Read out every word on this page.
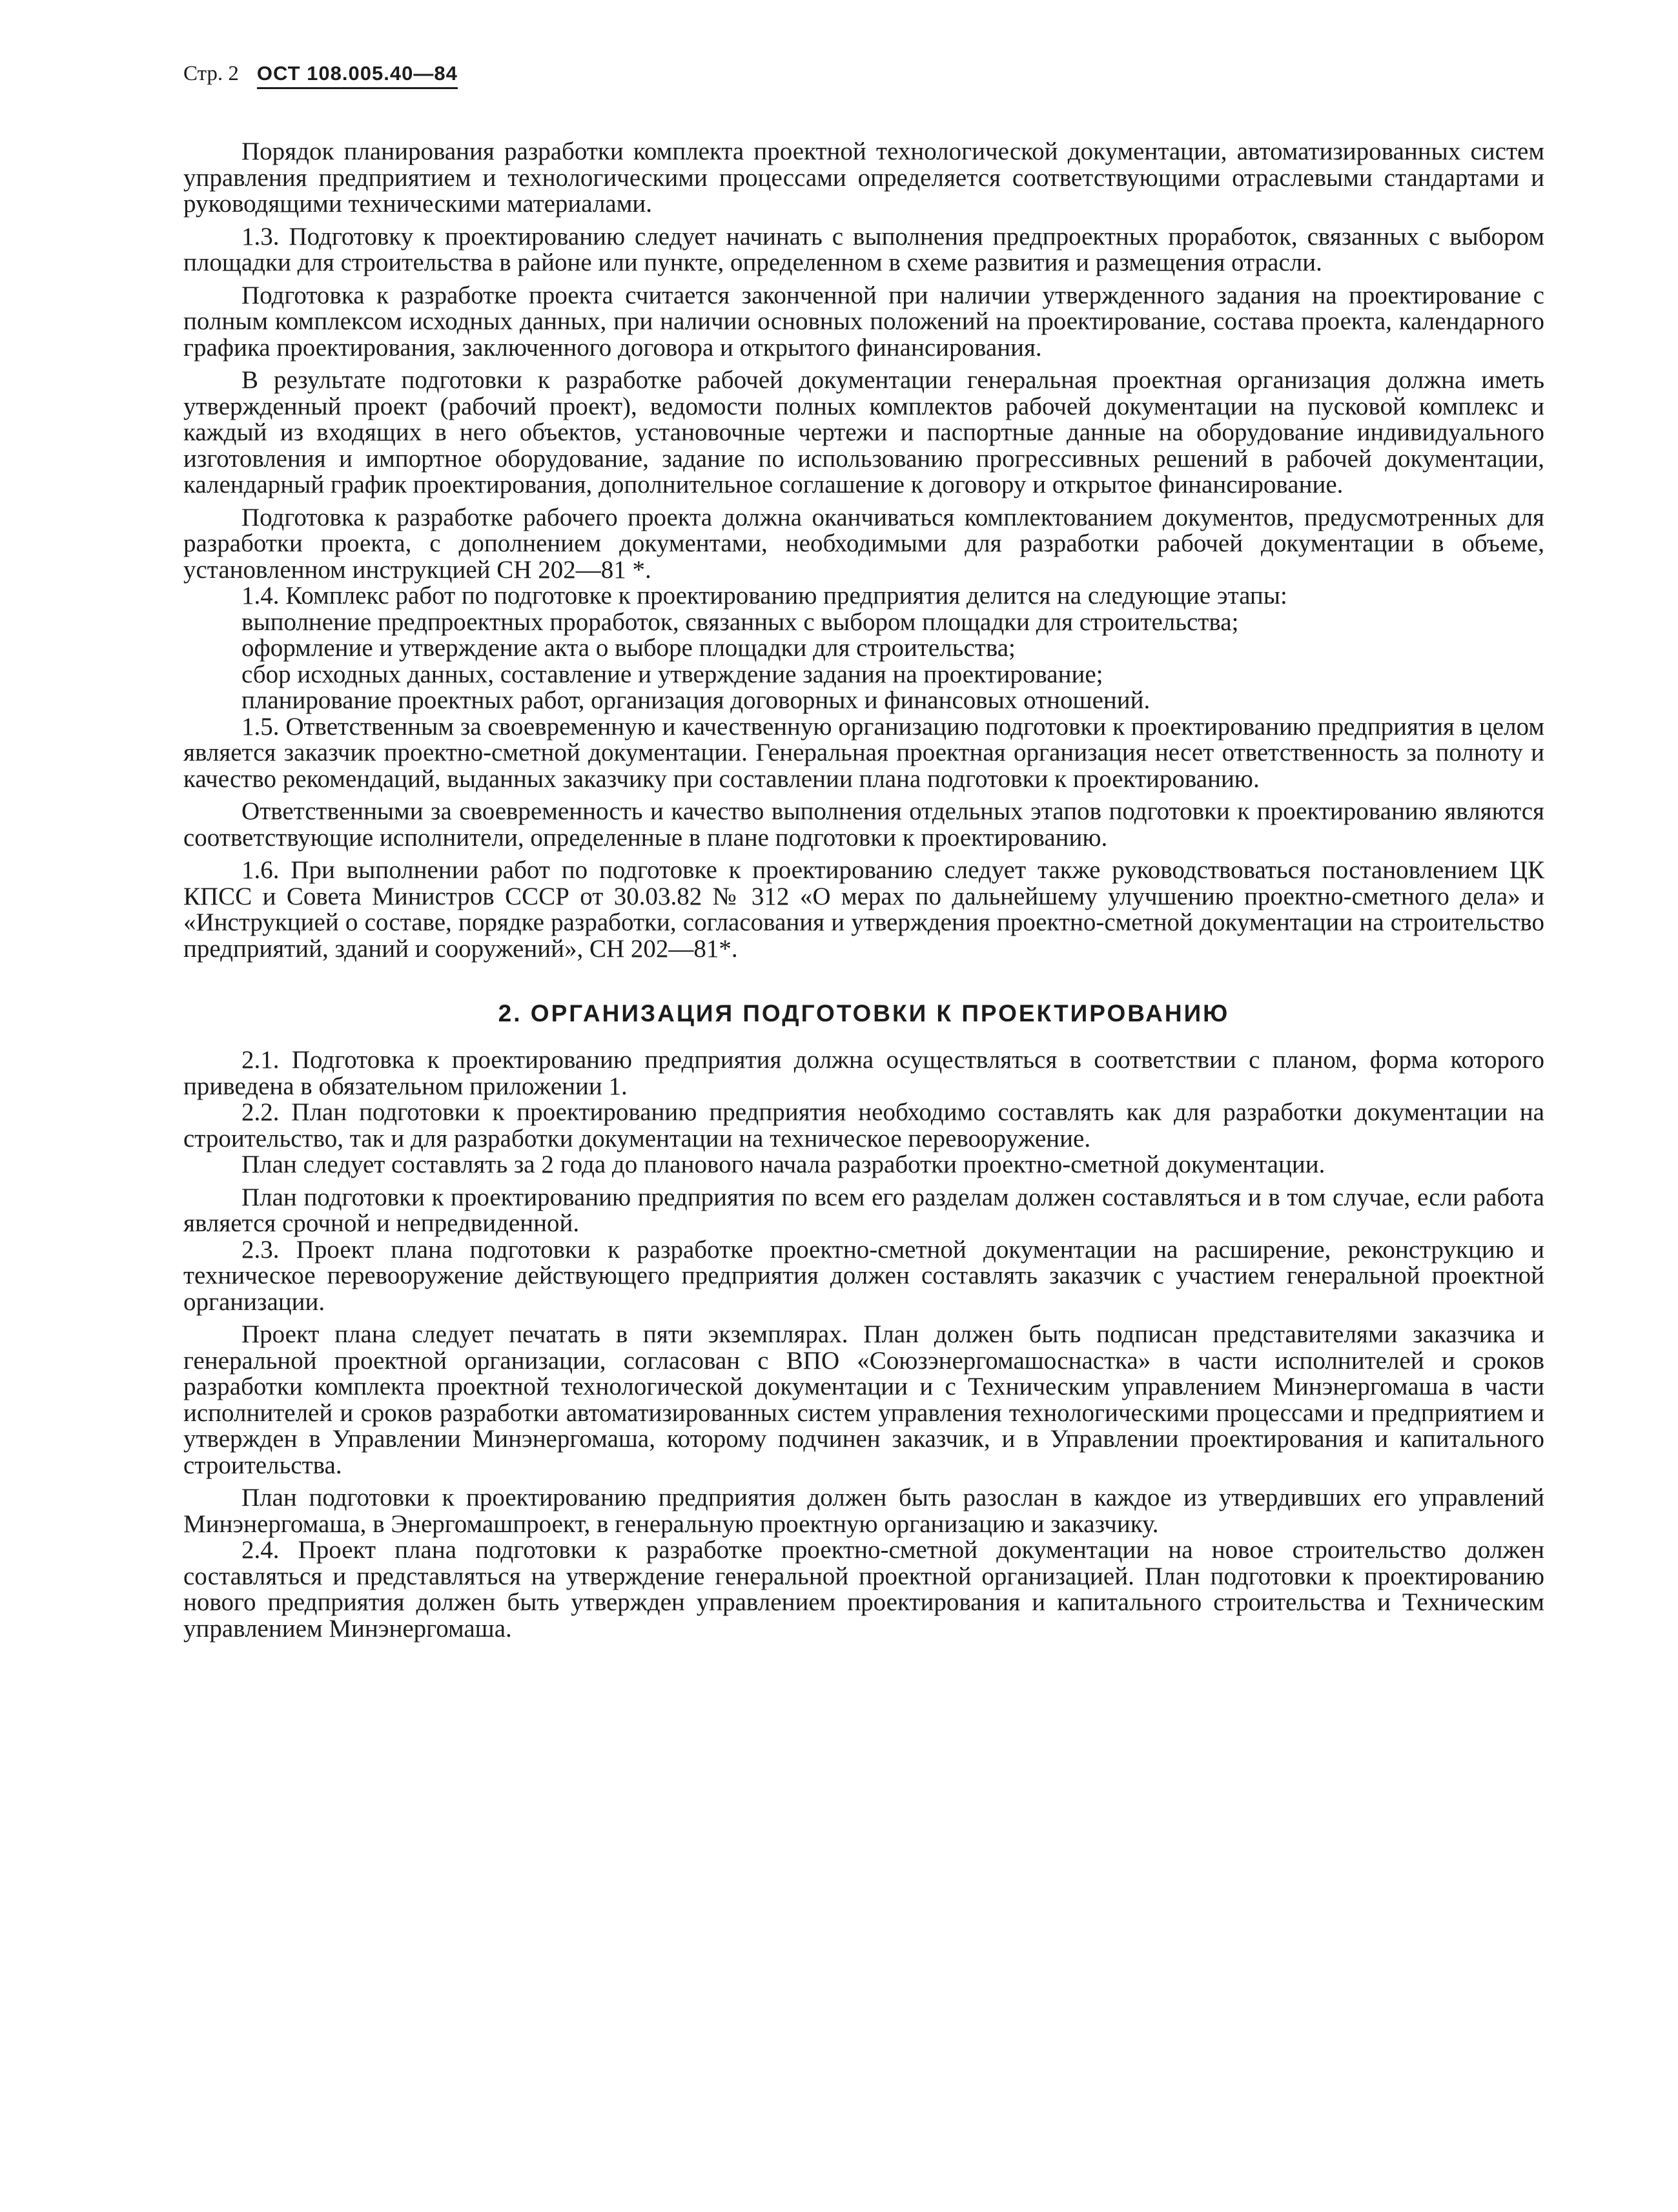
Стр. 2 ОСТ 108.005.40—84

Порядок планирования разработки комплекта проектной технологической документации, автоматизированных систем управления предприятием и технологическими процессами определяется соответствующими отраслевыми стандартами и руководящими техническими материалами.

1.3. Подготовку к проектированию следует начинать с выполнения предпроектных проработок, связанных с выбором площадки для строительства в районе или пункте, определенном в схеме развития и размещения отрасли.

Подготовка к разработке проекта считается законченной при наличии утвержденного задания на проектирование с полным комплексом исходных данных, при наличии основных положений на проектирование, состава проекта, календарного графика проектирования, заключенного договора и открытого финансирования.

В результате подготовки к разработке рабочей документации генеральная проектная организация должна иметь утвержденный проект (рабочий проект), ведомости полных комплектов рабочей документации на пусковой комплекс и каждый из входящих в него объектов, установочные чертежи и паспортные данные на оборудование индивидуального изготовления и импортное оборудование, задание по использованию прогрессивных решений в рабочей документации, календарный график проектирования, дополнительное соглашение к договору и открытое финансирование.

Подготовка к разработке рабочего проекта должна оканчиваться комплектованием документов, предусмотренных для разработки проекта, с дополнением документами, необходимыми для разработки рабочей документации в объеме, установленном инструкцией СН 202—81 *.

1.4. Комплекс работ по подготовке к проектированию предприятия делится на следующие этапы:

выполнение предпроектных проработок, связанных с выбором площадки для строительства;

оформление и утверждение акта о выборе площадки для строительства;

сбор исходных данных, составление и утверждение задания на проектирование;

планирование проектных работ, организация договорных и финансовых отношений.

1.5. Ответственным за своевременную и качественную организацию подготовки к проектированию предприятия в целом является заказчик проектно-сметной документации. Генеральная проектная организация несет ответственность за полноту и качество рекомендаций, выданных заказчику при составлении плана подготовки к проектированию.

Ответственными за своевременность и качество выполнения отдельных этапов подготовки к проектированию являются соответствующие исполнители, определенные в плане подготовки к проектированию.

1.6. При выполнении работ по подготовке к проектированию следует также руководствоваться постановлением ЦК КПСС и Совета Министров СССР от 30.03.82 № 312 «О мерах по дальнейшему улучшению проектно-сметного дела» и «Инструкцией о составе, порядке разработки, согласования и утверждения проектно-сметной документации на строительство предприятий, зданий и сооружений», СН 202—81*.

2. ОРГАНИЗАЦИЯ ПОДГОТОВКИ К ПРОЕКТИРОВАНИЮ

2.1. Подготовка к проектированию предприятия должна осуществляться в соответствии с планом, форма которого приведена в обязательном приложении 1.

2.2. План подготовки к проектированию предприятия необходимо составлять как для разработки документации на строительство, так и для разработки документации на техническое перевооружение.

План следует составлять за 2 года до планового начала разработки проектно-сметной документации.

План подготовки к проектированию предприятия по всем его разделам должен составляться и в том случае, если работа является срочной и непредвиденной.

2.3. Проект плана подготовки к разработке проектно-сметной документации на расширение, реконструкцию и техническое перевооружение действующего предприятия должен составлять заказчик с участием генеральной проектной организации.

Проект плана следует печатать в пяти экземплярах. План должен быть подписан представителями заказчика и генеральной проектной организации, согласован с ВПО «Союзэнергомашоснастка» в части исполнителей и сроков разработки комплекта проектной технологической документации и с Техническим управлением Минэнергомаша в части исполнителей и сроков разработки автоматизированных систем управления технологическими процессами и предприятием и утвержден в Управлении Минэнергомаша, которому подчинен заказчик, и в Управлении проектирования и капитального строительства.

План подготовки к проектированию предприятия должен быть разослан в каждое из утвердивших его управлений Минэнергомаша, в Энергомашпроект, в генеральную проектную организацию и заказчику.

2.4. Проект плана подготовки к разработке проектно-сметной документации на новое строительство должен составляться и представляться на утверждение генеральной проектной организацией. План подготовки к проектированию нового предприятия должен быть утвержден управлением проектирования и капитального строительства и Техническим управлением Минэнергомаша.
